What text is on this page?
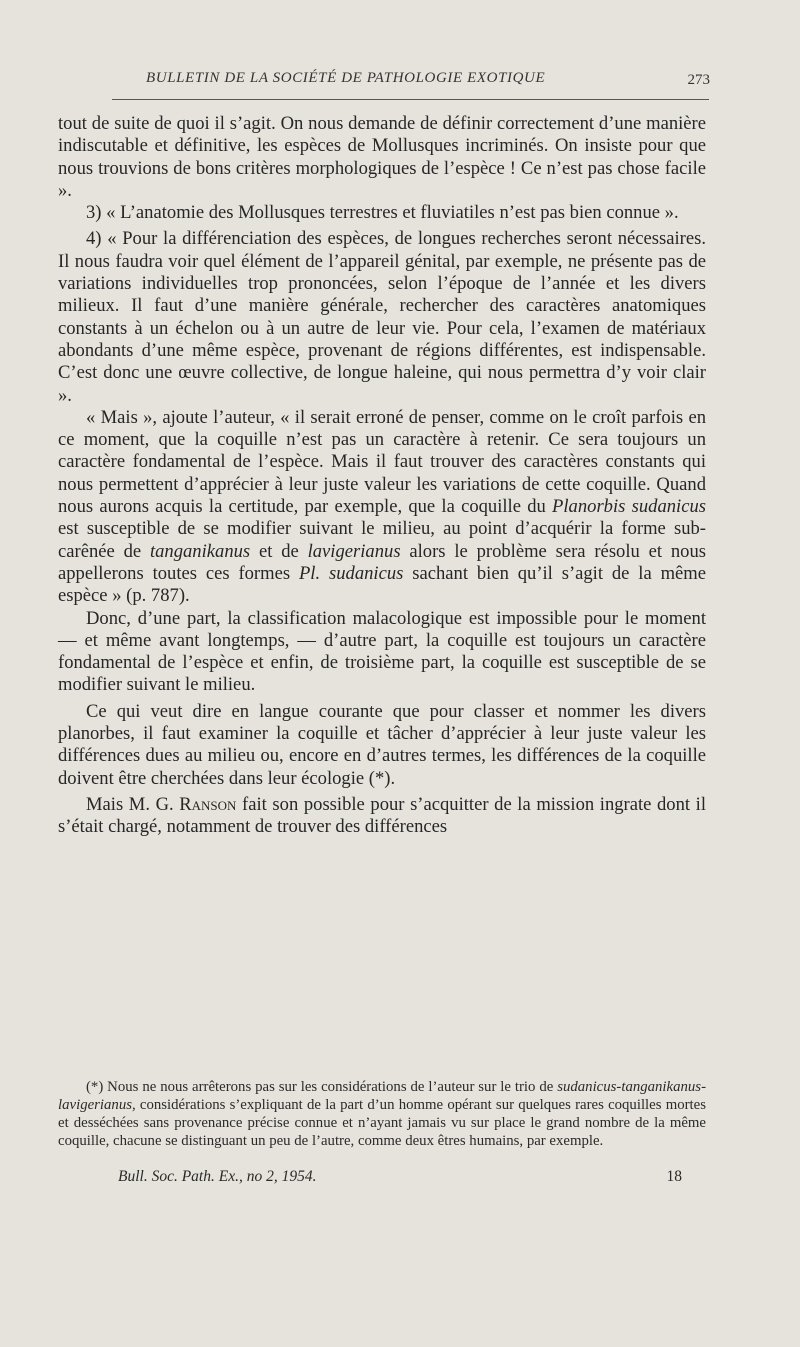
BULLETIN DE LA SOCIÉTÉ DE PATHOLOGIE EXOTIQUE	273

tout de suite de quoi il s’agit. On nous demande de définir correctement d’une manière indiscutable et définitive, les espèces de Mollusques incriminés. On insiste pour que nous trouvions de bons critères morphologiques de l’espèce ! Ce n’est pas chose facile ».

3) « L’anatomie des Mollusques terrestres et fluviatiles n’est pas bien connue ».

4) « Pour la différenciation des espèces, de longues recherches seront nécessaires. Il nous faudra voir quel élément de l’appareil génital, par exemple, ne présente pas de variations individuelles trop prononcées, selon l’époque de l’année et les divers milieux. Il faut d’une manière générale, rechercher des caractères anatomiques constants à un échelon ou à un autre de leur vie. Pour cela, l’examen de matériaux abondants d’une même espèce, provenant de régions différentes, est indispensable. C’est donc une œuvre collective, de longue haleine, qui nous permettra d’y voir clair ».

« Mais », ajoute l’auteur, « il serait erroné de penser, comme on le croît parfois en ce moment, que la coquille n’est pas un caractère à retenir. Ce sera toujours un caractère fondamental de l’espèce. Mais il faut trouver des caractères constants qui nous permettent d’apprécier à leur juste valeur les variations de cette coquille. Quand nous aurons acquis la certitude, par exemple, que la coquille du Planorbis sudanicus est susceptible de se modifier suivant le milieu, au point d’acquérir la forme sub-carênée de tanganikanus et de lavigerianus alors le problème sera résolu et nous appellerons toutes ces formes Pl. sudanicus sachant bien qu’il s’agit de la même espèce » (p. 787).

Donc, d’une part, la classification malacologique est impossible pour le moment — et même avant longtemps, — d’autre part, la coquille est toujours un caractère fondamental de l’espèce et enfin, de troisième part, la coquille est susceptible de se modifier suivant le milieu.

Ce qui veut dire en langue courante que pour classer et nommer les divers planorbes, il faut examiner la coquille et tâcher d’apprécier à leur juste valeur les différences dues au milieu ou, encore en d’autres termes, les différences de la coquille doivent être cherchées dans leur écologie (*).

Mais M. G. Ranson fait son possible pour s’acquitter de la mission ingrate dont il s’était chargé, notamment de trouver des différences

(*) Nous ne nous arrêterons pas sur les considérations de l’auteur sur le trio de sudanicus-tanganikanus-lavigerianus, considérations s’expliquant de la part d’un homme opérant sur quelques rares coquilles mortes et desséchées sans provenance précise connue et n’ayant jamais vu sur place le grand nombre de la même coquille, chacune se distinguant un peu de l’autre, comme deux êtres humains, par exemple.

Bull. Soc. Path. Ex., no 2, 1954.	18
